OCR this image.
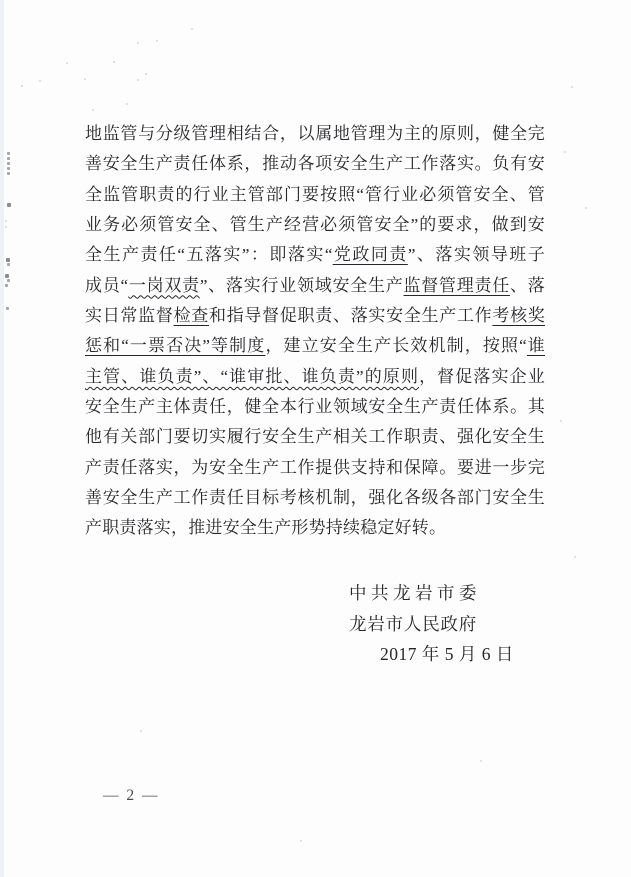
地监管与分级管理相结合，以属地管理为主的原则，健全完
善安全生产责任体系，推动各项安全生产工作落实。负有安
全监管职责的行业主管部门要按照“管行业必须管安全、管
业务必须管安全、管生产经营必须管安全”的要求，做到安
全生产责任“五落实”：即落实“党政同责”、落实领导班子
成员“一岗双责”、落实行业领域安全生产监督管理责任、落
实日常监督检查和指导督促职责、落实安全生产工作考核奖
惩和“一票否决”等制度，建立安全生产长效机制，按照“谁
主管、谁负责”、“谁审批、谁负责”的原则，督促落实企业
安全生产主体责任，健全本行业领域安全生产责任体系。其
他有关部门要切实履行安全生产相关工作职责、强化安全生
产责任落实，为安全生产工作提供支持和保障。要进一步完
善安全生产工作责任目标考核机制，强化各级各部门安全生
产职责落实，推进安全生产形势持续稳定好转。
中共龙岩市委
龙岩市人民政府
2017 年 5 月 6 日
— 2 —
